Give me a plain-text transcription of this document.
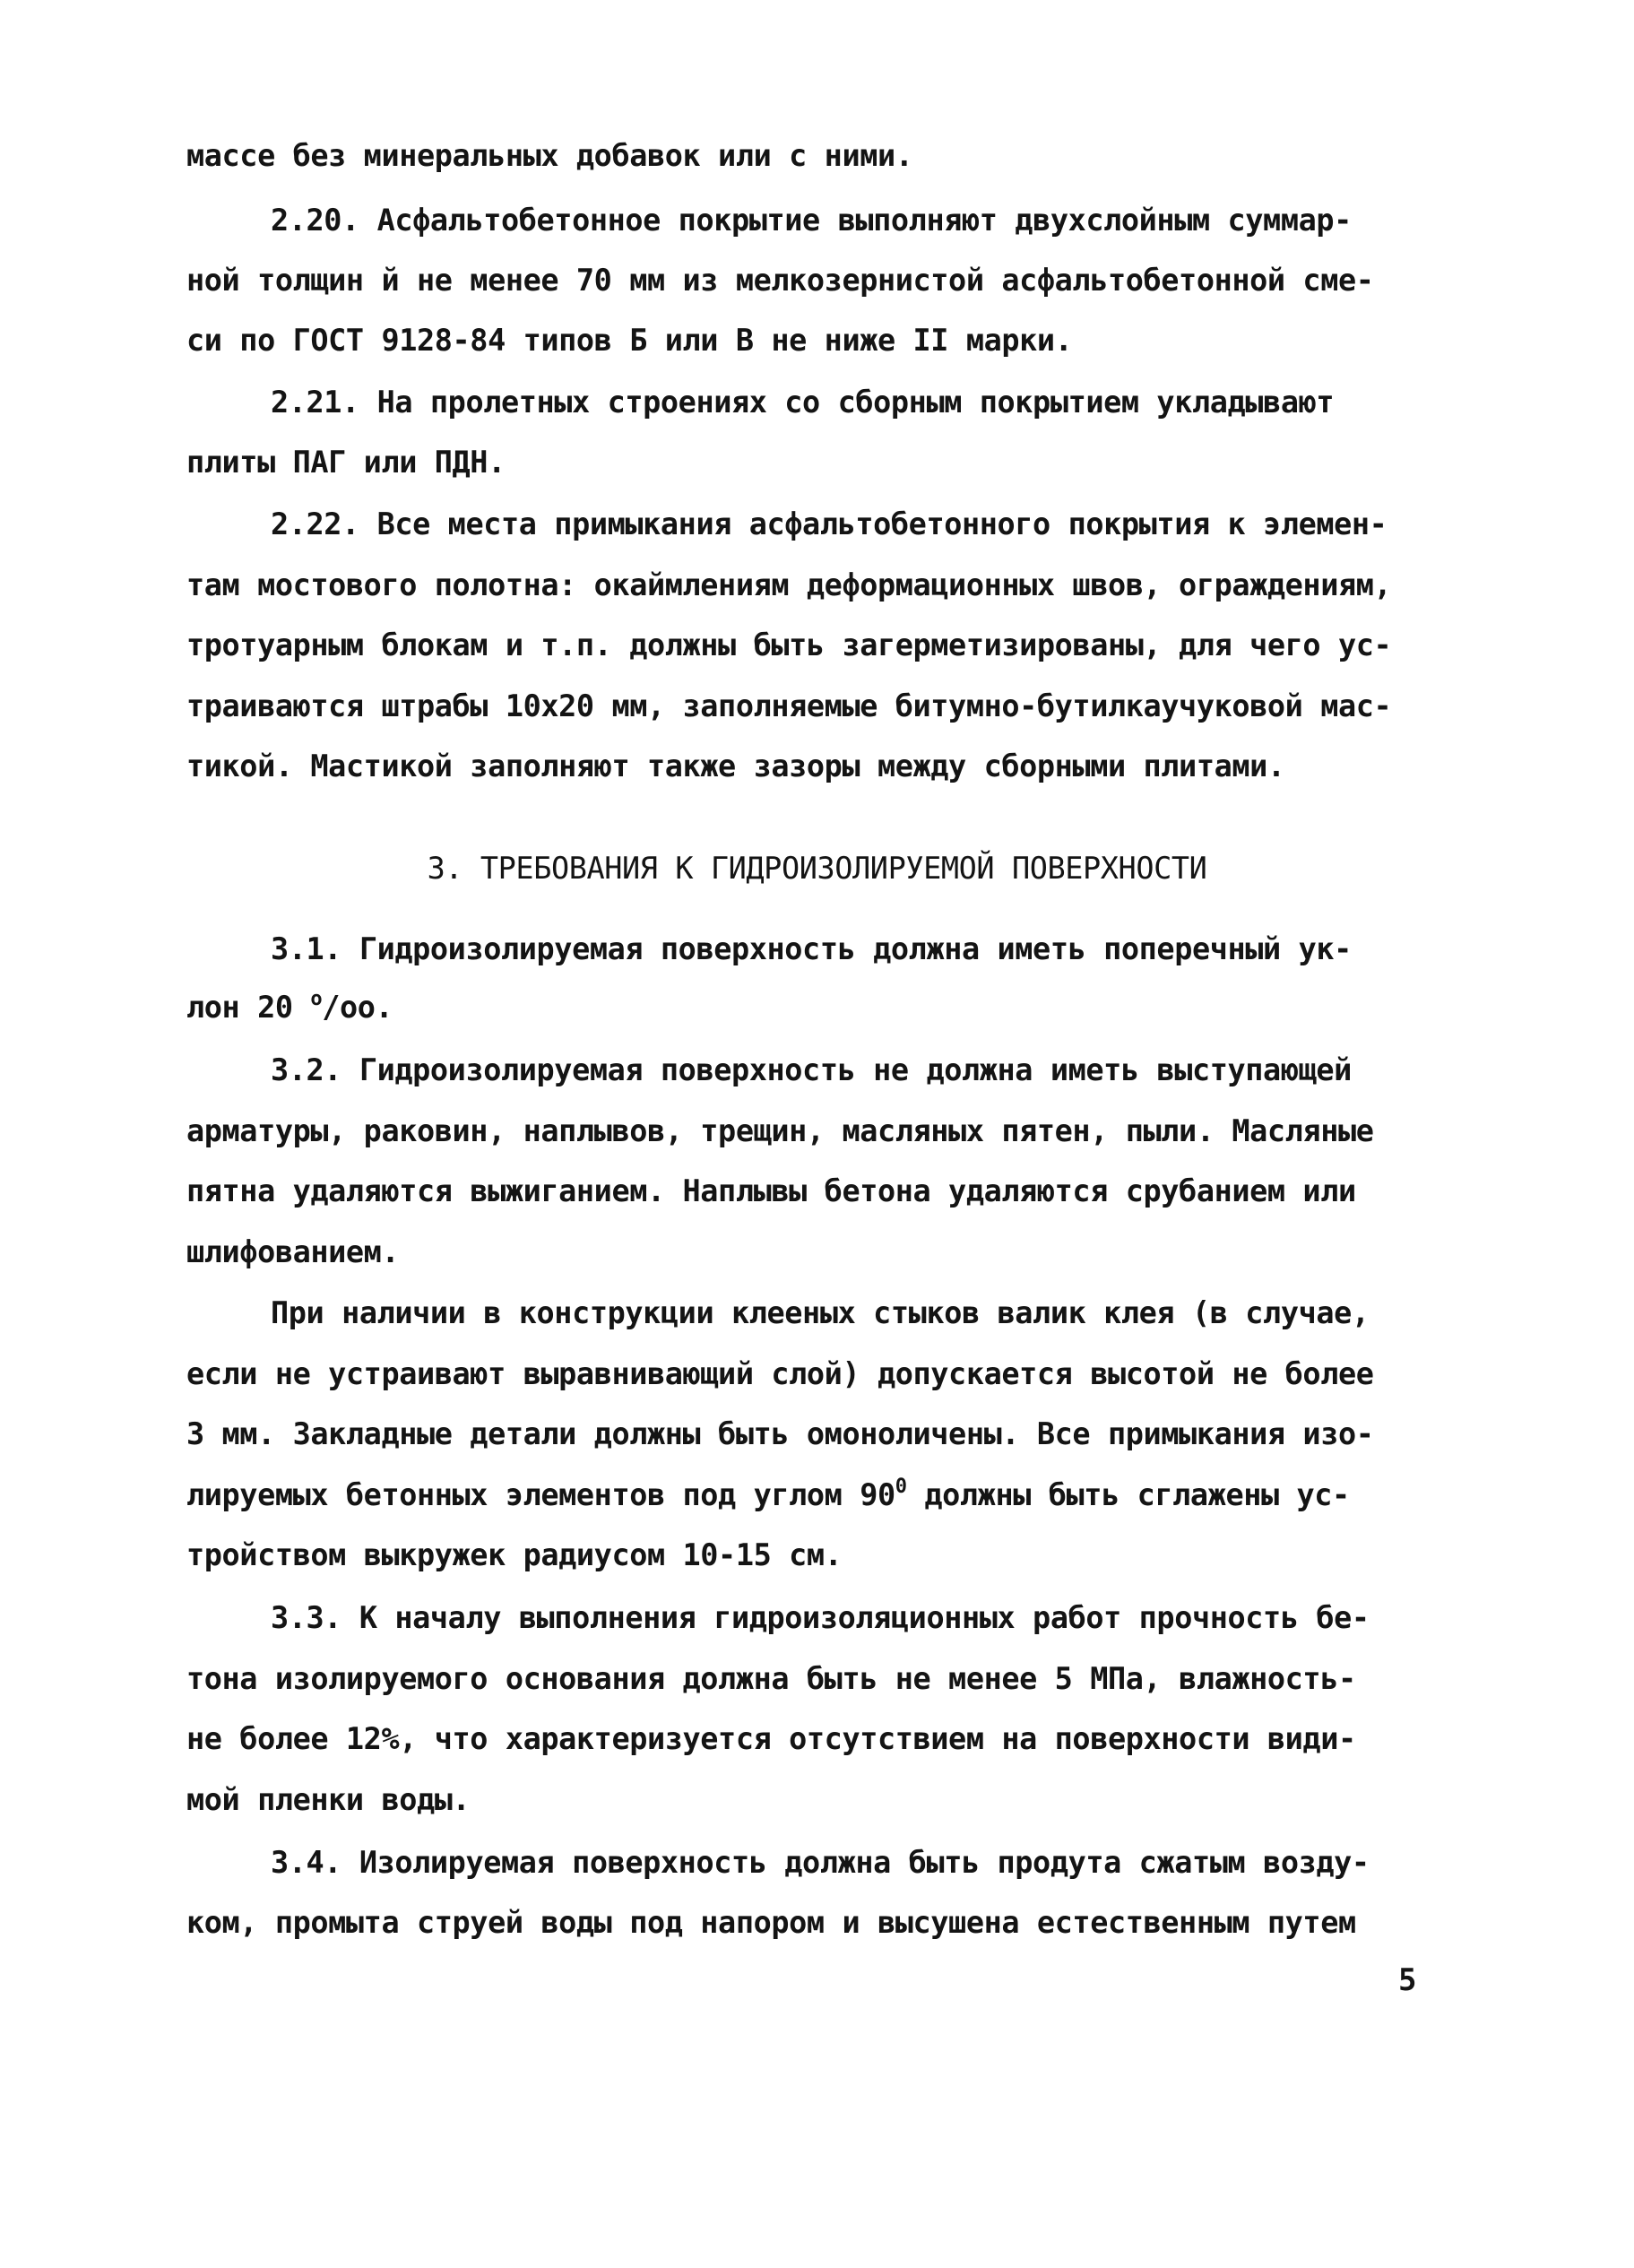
массе без минеральных добавок или с ними.
2.20. Асфальтобетонное покрытие выполняют двухслойным суммар-
ной толщин й не менее 70 мм из мелкозернистой асфальтобетонной сме-
си по ГОСТ 9128-84 типов Б или В не ниже II марки.
2.21. На пролетных строениях со сборным покрытием укладывают
плиты ПАГ или ПДН.
2.22. Все места примыкания асфальтобетонного покрытия к элемен-
там мостового полотна: окаймлениям деформационных швов, ограждениям,
тротуарным блокам и т.п. должны быть загерметизированы, для чего ус-
траиваются штрабы 10х20 мм, заполняемые битумно-бутилкаучуковой мас-
тикой. Мастикой заполняют также зазоры между сборными плитами.
3. ТРЕБОВАНИЯ К ГИДРОИЗОЛИРУЕМОЙ ПОВЕРХНОСТИ
3.1. Гидроизолируемая поверхность должна иметь поперечный ук-
лон 20 $^o$/oo.
3.2. Гидроизолируемая поверхность не должна иметь выступающей
арматуры, раковин, наплывов, трещин, масляных пятен, пыли. Масляные
пятна удаляются выжиганием. Наплывы бетона удаляются срубанием или
шлифованием.
При наличии в конструкции клееных стыков валик клея (в случае,
если не устраивают выравнивающий слой) допускается высотой не более
3 мм. Закладные детали должны быть омоноличены. Все примыкания изо-
лируемых бетонных элементов под углом $90^0$ должны быть сглажены ус-
тройством выкружек радиусом 10-15 см.
3.3. К началу выполнения гидроизоляционных работ прочность бе-
тона изолируемого основания должна быть не менее 5 МПа, влажность-
не более 12%, что характеризуется отсутствием на поверхности види-
мой пленки воды.
3.4. Изолируемая поверхность должна быть продута сжатым возду-
ком, промыта струей воды под напором и высушена естественным путем
5
